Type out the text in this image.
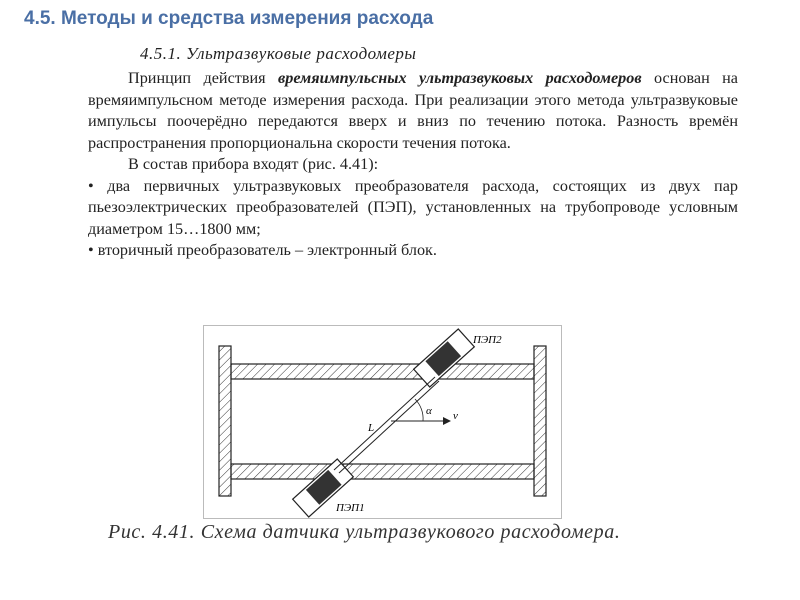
4.5. Методы и средства измерения расхода
4.5.1. Ультразвуковые расходомеры

Принцип действия времяимпульсных ультразвуковых расходомеров основан на времяимпульсном методе измерения расхода. При реализации этого метода ультразвуковые импульсы поочерёдно передаются вверх и вниз по течению потока. Разность времён распространения пропорциональна скорости течения потока.

В состав прибора входят (рис. 4.41):

• два первичных ультразвуковых преобразователя расхода, состоящих из двух пар пьезоэлектрических преобразователей (ПЭП), установленных на трубопроводе условным диаметром 15…1800 мм;

• вторичный преобразователь – электронный блок.

α v
L
ПЭП2
ПЭП1
Рис. 4.41. Схема датчика ультразвукового расходомера.
